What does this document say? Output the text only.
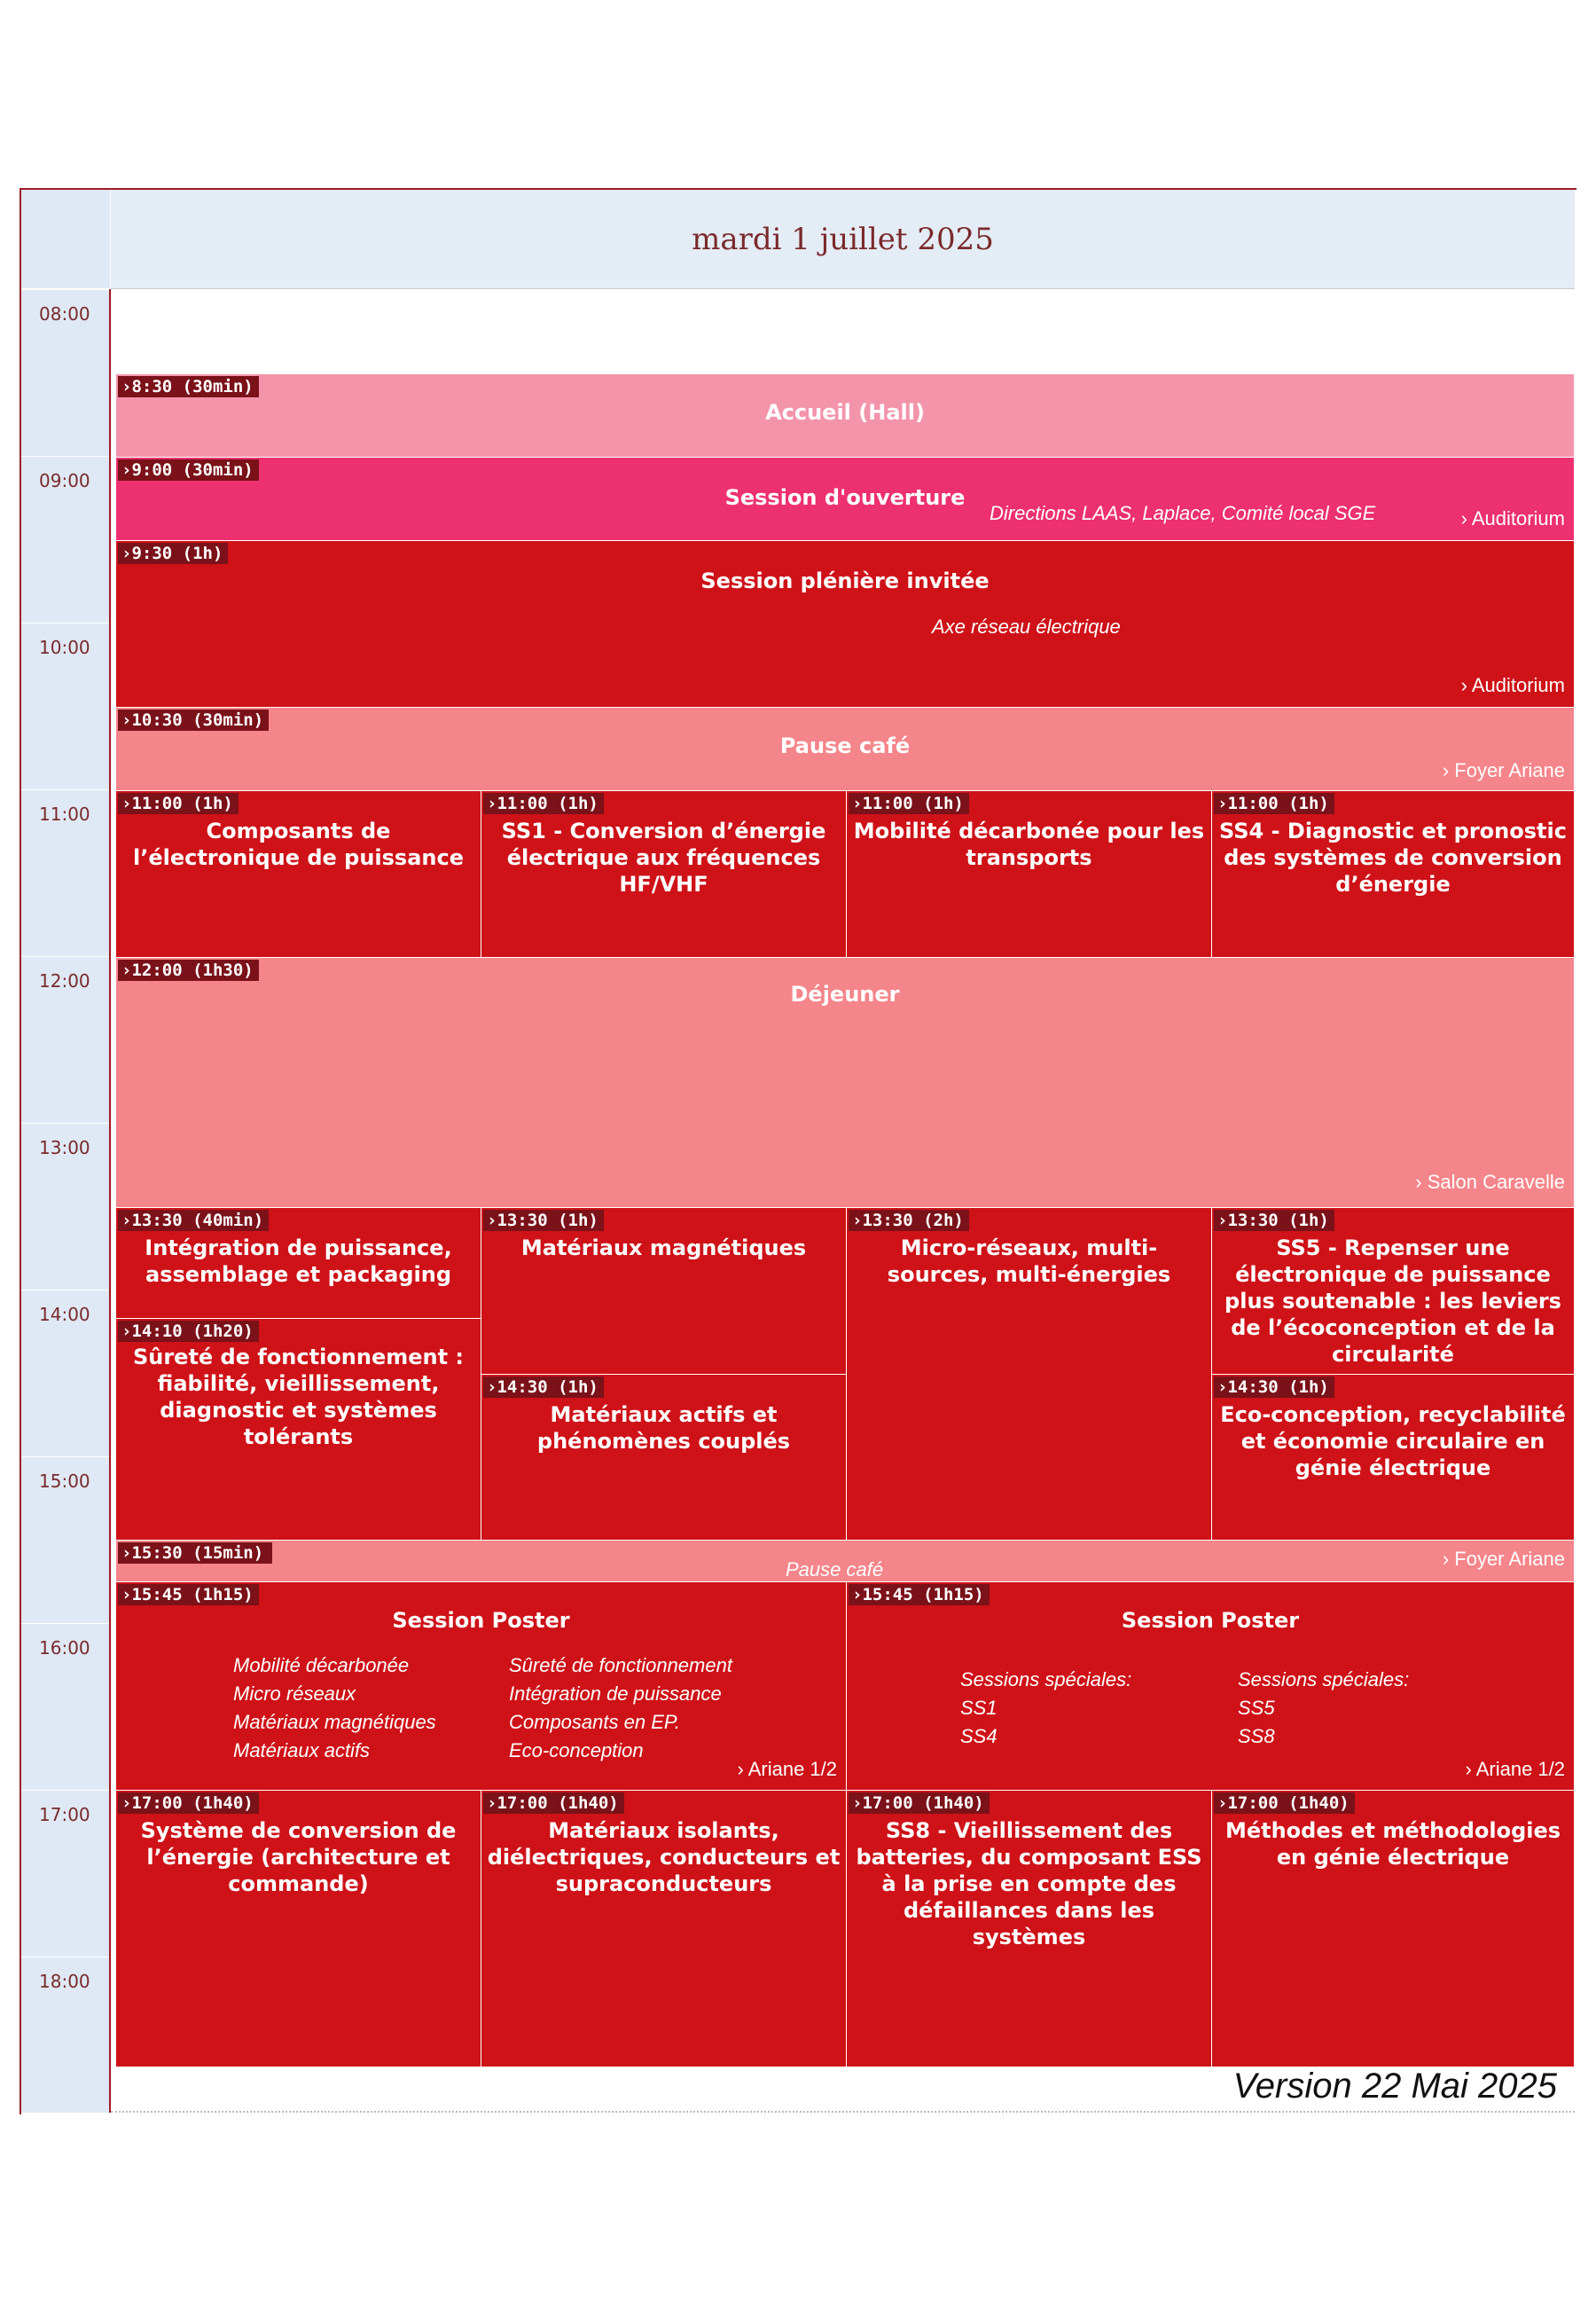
mardi 1 juillet 2025
08:00
09:00
10:00
11:00
12:00
13:00
14:00
15:00
16:00
17:00
18:00
›8:30 (30min)
Accueil (Hall)
›9:00 (30min)
Session d'ouverture
Directions LAAS, Laplace, Comité local SGE	› Auditorium
›9:30 (1h)
Session plénière invitée
Axe réseau électrique
› Auditorium
›10:30 (30min)
Pause café
› Foyer Ariane
›11:00 (1h)
Composants de l’électronique de puissance
›11:00 (1h)
SS1 - Conversion d’énergie électrique aux fréquences HF/VHF
›11:00 (1h)
Mobilité décarbonée pour les transports
›11:00 (1h)
SS4 - Diagnostic et pronostic des systèmes de conversion d’énergie
›12:00 (1h30)
Déjeuner
› Salon Caravelle
›13:30 (40min)
Intégration de puissance, assemblage et packaging
›14:10 (1h20)
Sûreté de fonctionnement : fiabilité, vieillissement, diagnostic et systèmes tolérants
›13:30 (1h)
Matériaux magnétiques
›14:30 (1h)
Matériaux actifs et phénomènes couplés
›13:30 (2h)
Micro-réseaux, multi-sources, multi-énergies
›13:30 (1h)
SS5 - Repenser une électronique de puissance plus soutenable : les leviers de l’écoconception et de la circularité
›14:30 (1h)
Eco-conception, recyclabilité et économie circulaire en génie électrique
›15:30 (15min)
Pause café	› Foyer Ariane
›15:45 (1h15)
Session Poster
Mobilité décarbonée
Micro réseaux
Matériaux magnétiques
Matériaux actifs
Sûreté de fonctionnement
Intégration de puissance
Composants en EP.
Eco-conception
› Ariane 1/2
›15:45 (1h15)
Session Poster
Sessions spéciales:
SS1
SS4
Sessions spéciales:
SS5
SS8
› Ariane 1/2
›17:00 (1h40)
Système de conversion de l’énergie (architecture et commande)
›17:00 (1h40)
Matériaux isolants, diélectriques, conducteurs et supraconducteurs
›17:00 (1h40)
SS8 - Vieillissement des batteries, du composant ESS à la prise en compte des défaillances dans les systèmes
›17:00 (1h40)
Méthodes et méthodologies en génie électrique
Version 22 Mai 2025
